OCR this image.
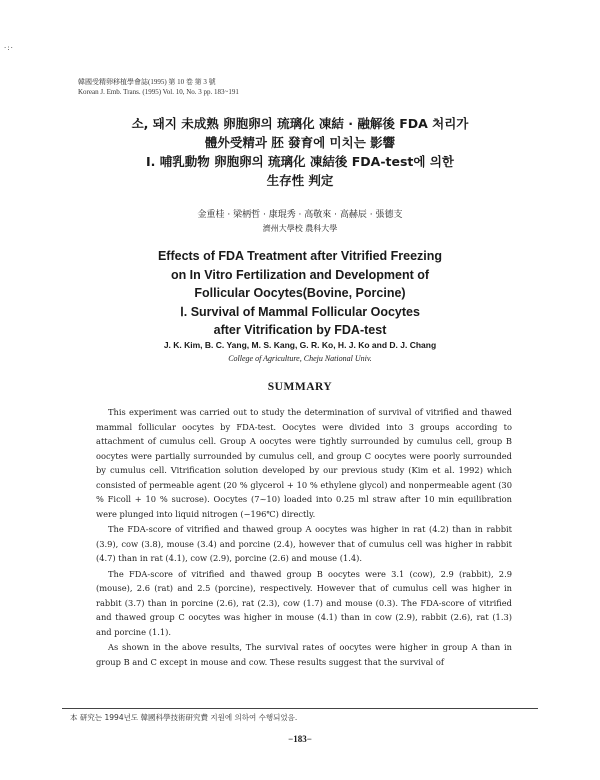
·:·
韓國受精卵移植學會誌(1995) 第 10 卷 第 3 號
Korean J. Emb. Trans. (1995) Vol. 10, No. 3 pp. 183~191
소, 돼지 未成熟 卵胞卵의 琉璃化 凍結 · 融解後 FDA 처리가
體外受精과 胚 發育에 미치는 影響
I. 哺乳動物 卵胞卵의 琉璃化 凍結後 FDA-test에 의한
生存性 判定
金重桂 · 梁柄哲 · 康琨秀 · 高敬來 · 高赫辰 · 張德支
濟州大學校 農科大學
Effects of FDA Treatment after Vitrified Freezing
on In Vitro Fertilization and Development of
Follicular Oocytes(Bovine, Porcine)
Ⅰ. Survival of Mammal Follicular Oocytes
after Vitrification by FDA-test
J. K. Kim, B. C. Yang, M. S. Kang, G. R. Ko, H. J. Ko and D. J. Chang
College of Agriculture, Cheju National Univ.
SUMMARY

This experiment was carried out to study the determination of survival of vitrified and thawed mammal follicular oocytes by FDA-test. Oocytes were divided into 3 groups according to attachment of cumulus cell. Group A oocytes were tightly surrounded by cumulus cell, group B oocytes were partially surrounded by cumulus cell, and group C oocytes were poorly surrounded by cumulus cell. Vitrification solution developed by our previous study (Kim et al. 1992) which consisted of permeable agent (20 % glycerol + 10 % ethylene glycol) and nonpermeable agent (30 % Ficoll + 10 % sucrose). Oocytes (7~10) loaded into 0.25 ml straw after 10 min equilibration were plunged into liquid nitrogen (−196℃) directly.

The FDA-score of vitrified and thawed group A oocytes was higher in rat (4.2) than in rabbit (3.9), cow (3.8), mouse (3.4) and porcine (2.4), however that of cumulus cell was higher in rabbit (4.7) than in rat (4.1), cow (2.9), porcine (2.6) and mouse (1.4).

The FDA-score of vitrified and thawed group B oocytes were 3.1 (cow), 2.9 (rabbit), 2.9 (mouse), 2.6 (rat) and 2.5 (porcine), respectively. However that of cumulus cell was higher in rabbit (3.7) than in porcine (2.6), rat (2.3), cow (1.7) and mouse (0.3). The FDA-score of vitrified and thawed group C oocytes was higher in mouse (4.1) than in cow (2.9), rabbit (2.6), rat (1.3) and porcine (1.1).

As shown in the above results, The survival rates of oocytes were higher in group A than in group B and C except in mouse and cow. These results suggest that the survival of

本 研究는 1994년도 韓國科學技術研究費 지원에 의하여 수행되었음.
−183−
